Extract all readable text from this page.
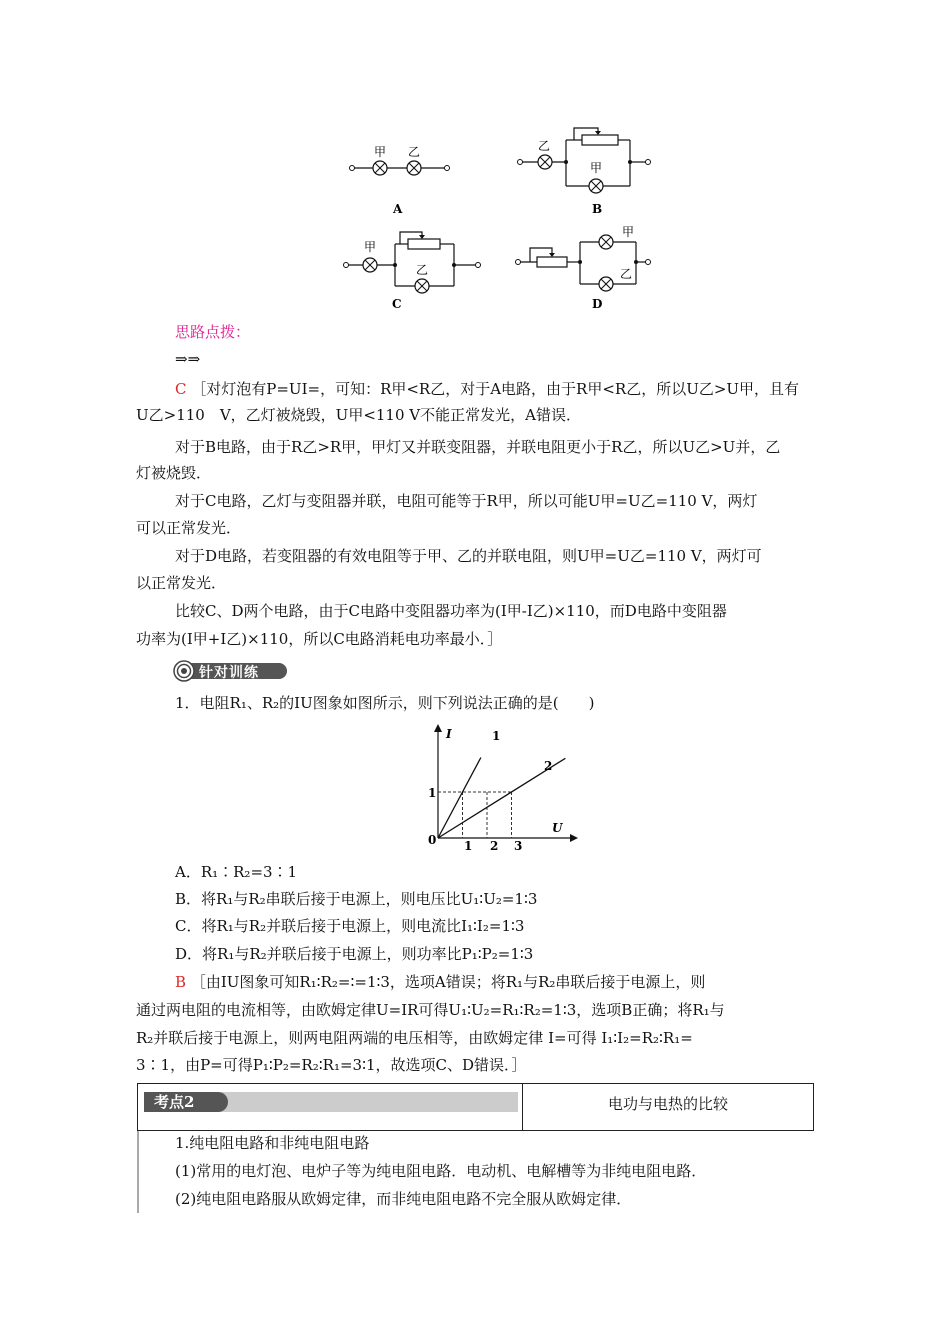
甲 乙
A
乙
甲
B
甲
乙
C
甲
乙
D
思路点拨：
⇒⇒
C ［对灯泡有P=UI=，可知：R甲<R乙，对于A电路，由于R甲<R乙，所以U乙>U甲，且有
U乙>110　V，乙灯被烧毁，U甲<110 V不能正常发光，A错误．
对于B电路，由于R乙>R甲，甲灯又并联变阻器，并联电阻更小于R乙，所以U乙>U并，乙
灯被烧毁．
对于C电路，乙灯与变阻器并联，电阻可能等于R甲，所以可能U甲=U乙=110 V，两灯
可以正常发光．
对于D电路，若变阻器的有效电阻等于甲、乙的并联电阻，则U甲=U乙=110 V，两灯可
以正常发光．
比较C、D两个电路，由于C电路中变阻器功率为(I甲-I乙)×110，而D电路中变阻器
功率为(I甲+I乙)×110，所以C电路消耗电功率最小．］
针对训练
1．电阻R₁、R₂的IU图象如图所示，则下列说法正确的是(　　)
I
U
0
1
1 2 3
1
2
A．R₁∶R₂=3∶1
B．将R₁与R₂串联后接于电源上，则电压比U₁∶U₂=1∶3
C．将R₁与R₂并联后接于电源上，则电流比I₁∶I₂=1∶3
D．将R₁与R₂并联后接于电源上，则功率比P₁∶P₂=1∶3
B ［由IU图象可知R₁∶R₂=∶=1∶3，选项A错误；将R₁与R₂串联后接于电源上，则
通过两电阻的电流相等，由欧姆定律U=IR可得U₁∶U₂=R₁∶R₂=1∶3，选项B正确；将R₁与
R₂并联后接于电源上，则两电阻两端的电压相等，由欧姆定律 I=可得 I₁∶I₂=R₂∶R₁=
3∶1，由P=可得P₁∶P₂=R₂∶R₁=3∶1，故选项C、D错误．］
考点2	电功与电热的比较
1.纯电阻电路和非纯电阻电路
(1)常用的电灯泡、电炉子等为纯电阻电路．电动机、电解槽等为非纯电阻电路．
(2)纯电阻电路服从欧姆定律，而非纯电阻电路不完全服从欧姆定律．
